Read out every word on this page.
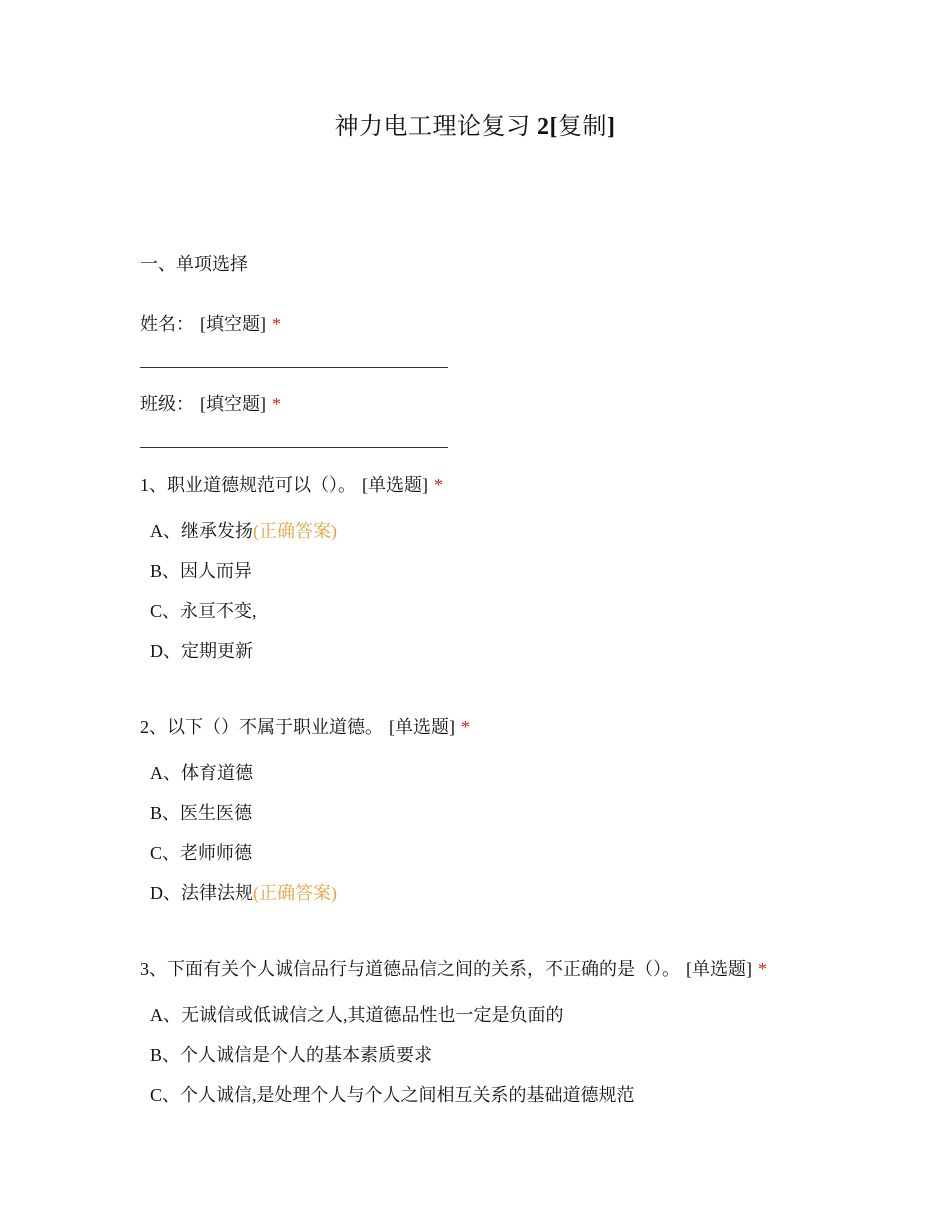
神力电工理论复习 2[复制]
一、单项选择
姓名： [填空题] *
班级： [填空题] *
1、职业道德规范可以（）。 [单选题] *
A、继承发扬(正确答案)
B、因人而异
C、永亘不变,
D、定期更新
2、以下（）不属于职业道德。 [单选题] *
A、体育道德
B、医生医德
C、老师师德
D、法律法规(正确答案)
3、下面有关个人诚信品行与道德品信之间的关系，不正确的是（）。 [单选题] *
A、无诚信或低诚信之人,其道德品性也一定是负面的
B、个人诚信是个人的基本素质要求
C、个人诚信,是处理个人与个人之间相互关系的基础道德规范
